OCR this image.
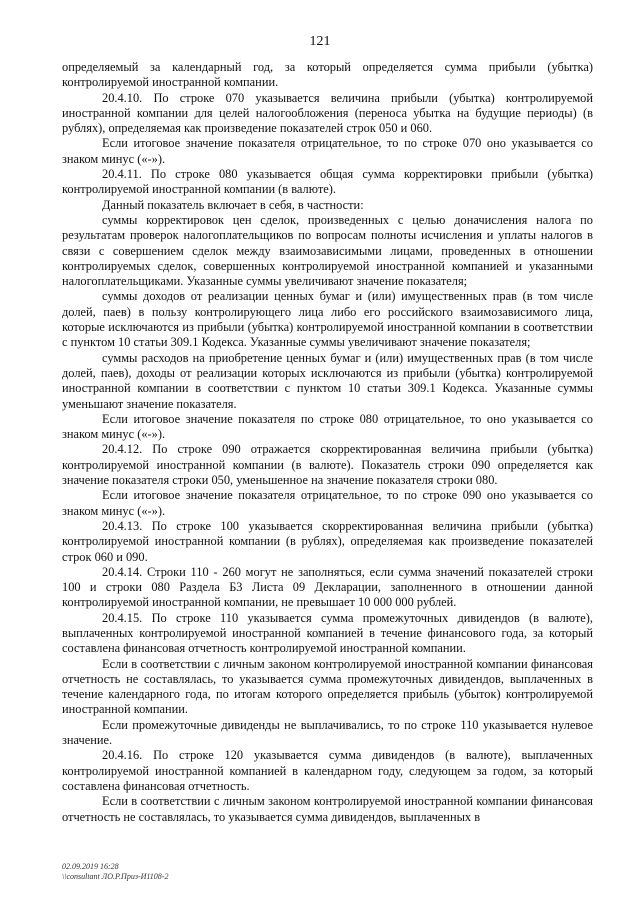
121

определяемый за календарный год, за который определяется сумма прибыли (убытка) контролируемой иностранной компании.

20.4.10. По строке 070 указывается величина прибыли (убытка) контролируемой иностранной компании для целей налогообложения (переноса убытка на будущие периоды) (в рублях), определяемая как произведение показателей строк 050 и 060.

Если итоговое значение показателя отрицательное, то по строке 070 оно указывается со знаком минус («-»).

20.4.11. По строке 080 указывается общая сумма корректировки прибыли (убытка) контролируемой иностранной компании (в валюте).

Данный показатель включает в себя, в частности:

суммы корректировок цен сделок, произведенных с целью доначисления налога по результатам проверок налогоплательщиков по вопросам полноты исчисления и уплаты налогов в связи с совершением сделок между взаимозависимыми лицами, проведенных в отношении контролируемых сделок, совершенных контролируемой иностранной компанией и указанными налогоплательщиками. Указанные суммы увеличивают значение показателя;

суммы доходов от реализации ценных бумаг и (или) имущественных прав (в том числе долей, паев) в пользу контролирующего лица либо его российского взаимозависимого лица, которые исключаются из прибыли (убытка) контролируемой иностранной компании в соответствии с пунктом 10 статьи 309.1 Кодекса. Указанные суммы увеличивают значение показателя;

суммы расходов на приобретение ценных бумаг и (или) имущественных прав (в том числе долей, паев), доходы от реализации которых исключаются из прибыли (убытка) контролируемой иностранной компании в соответствии с пунктом 10 статьи 309.1 Кодекса. Указанные суммы уменьшают значение показателя.

Если итоговое значение показателя по строке 080 отрицательное, то оно указывается со знаком минус («-»).

20.4.12. По строке 090 отражается скорректированная величина прибыли (убытка) контролируемой иностранной компании (в валюте). Показатель строки 090 определяется как значение показателя строки 050, уменьшенное на значение показателя строки 080.

Если итоговое значение показателя отрицательное, то по строке 090 оно указывается со знаком минус («-»).

20.4.13. По строке 100 указывается скорректированная величина прибыли (убытка) контролируемой иностранной компании (в рублях), определяемая как произведение показателей строк 060 и 090.

20.4.14. Строки 110 - 260 могут не заполняться, если сумма значений показателей строки 100 и строки 080 Раздела Б3 Листа 09 Декларации, заполненного в отношении данной контролируемой иностранной компании, не превышает 10 000 000 рублей.

20.4.15. По строке 110 указывается сумма промежуточных дивидендов (в валюте), выплаченных контролируемой иностранной компанией в течение финансового года, за который составлена финансовая отчетность контролируемой иностранной компании.

Если в соответствии с личным законом контролируемой иностранной компании финансовая отчетность не составлялась, то указывается сумма промежуточных дивидендов, выплаченных в течение календарного года, по итогам которого определяется прибыль (убыток) контролируемой иностранной компании.

Если промежуточные дивиденды не выплачивались, то по строке 110 указывается нулевое значение.

20.4.16. По строке 120 указывается сумма дивидендов (в валюте), выплаченных контролируемой иностранной компанией в календарном году, следующем за годом, за который составлена финансовая отчетность.

Если в соответствии с личным законом контролируемой иностранной компании финансовая отчетность не составлялась, то указывается сумма дивидендов, выплаченных в

02.09.2019 16:28
\\consultant ЛО.Р.Приз-И1108-2
